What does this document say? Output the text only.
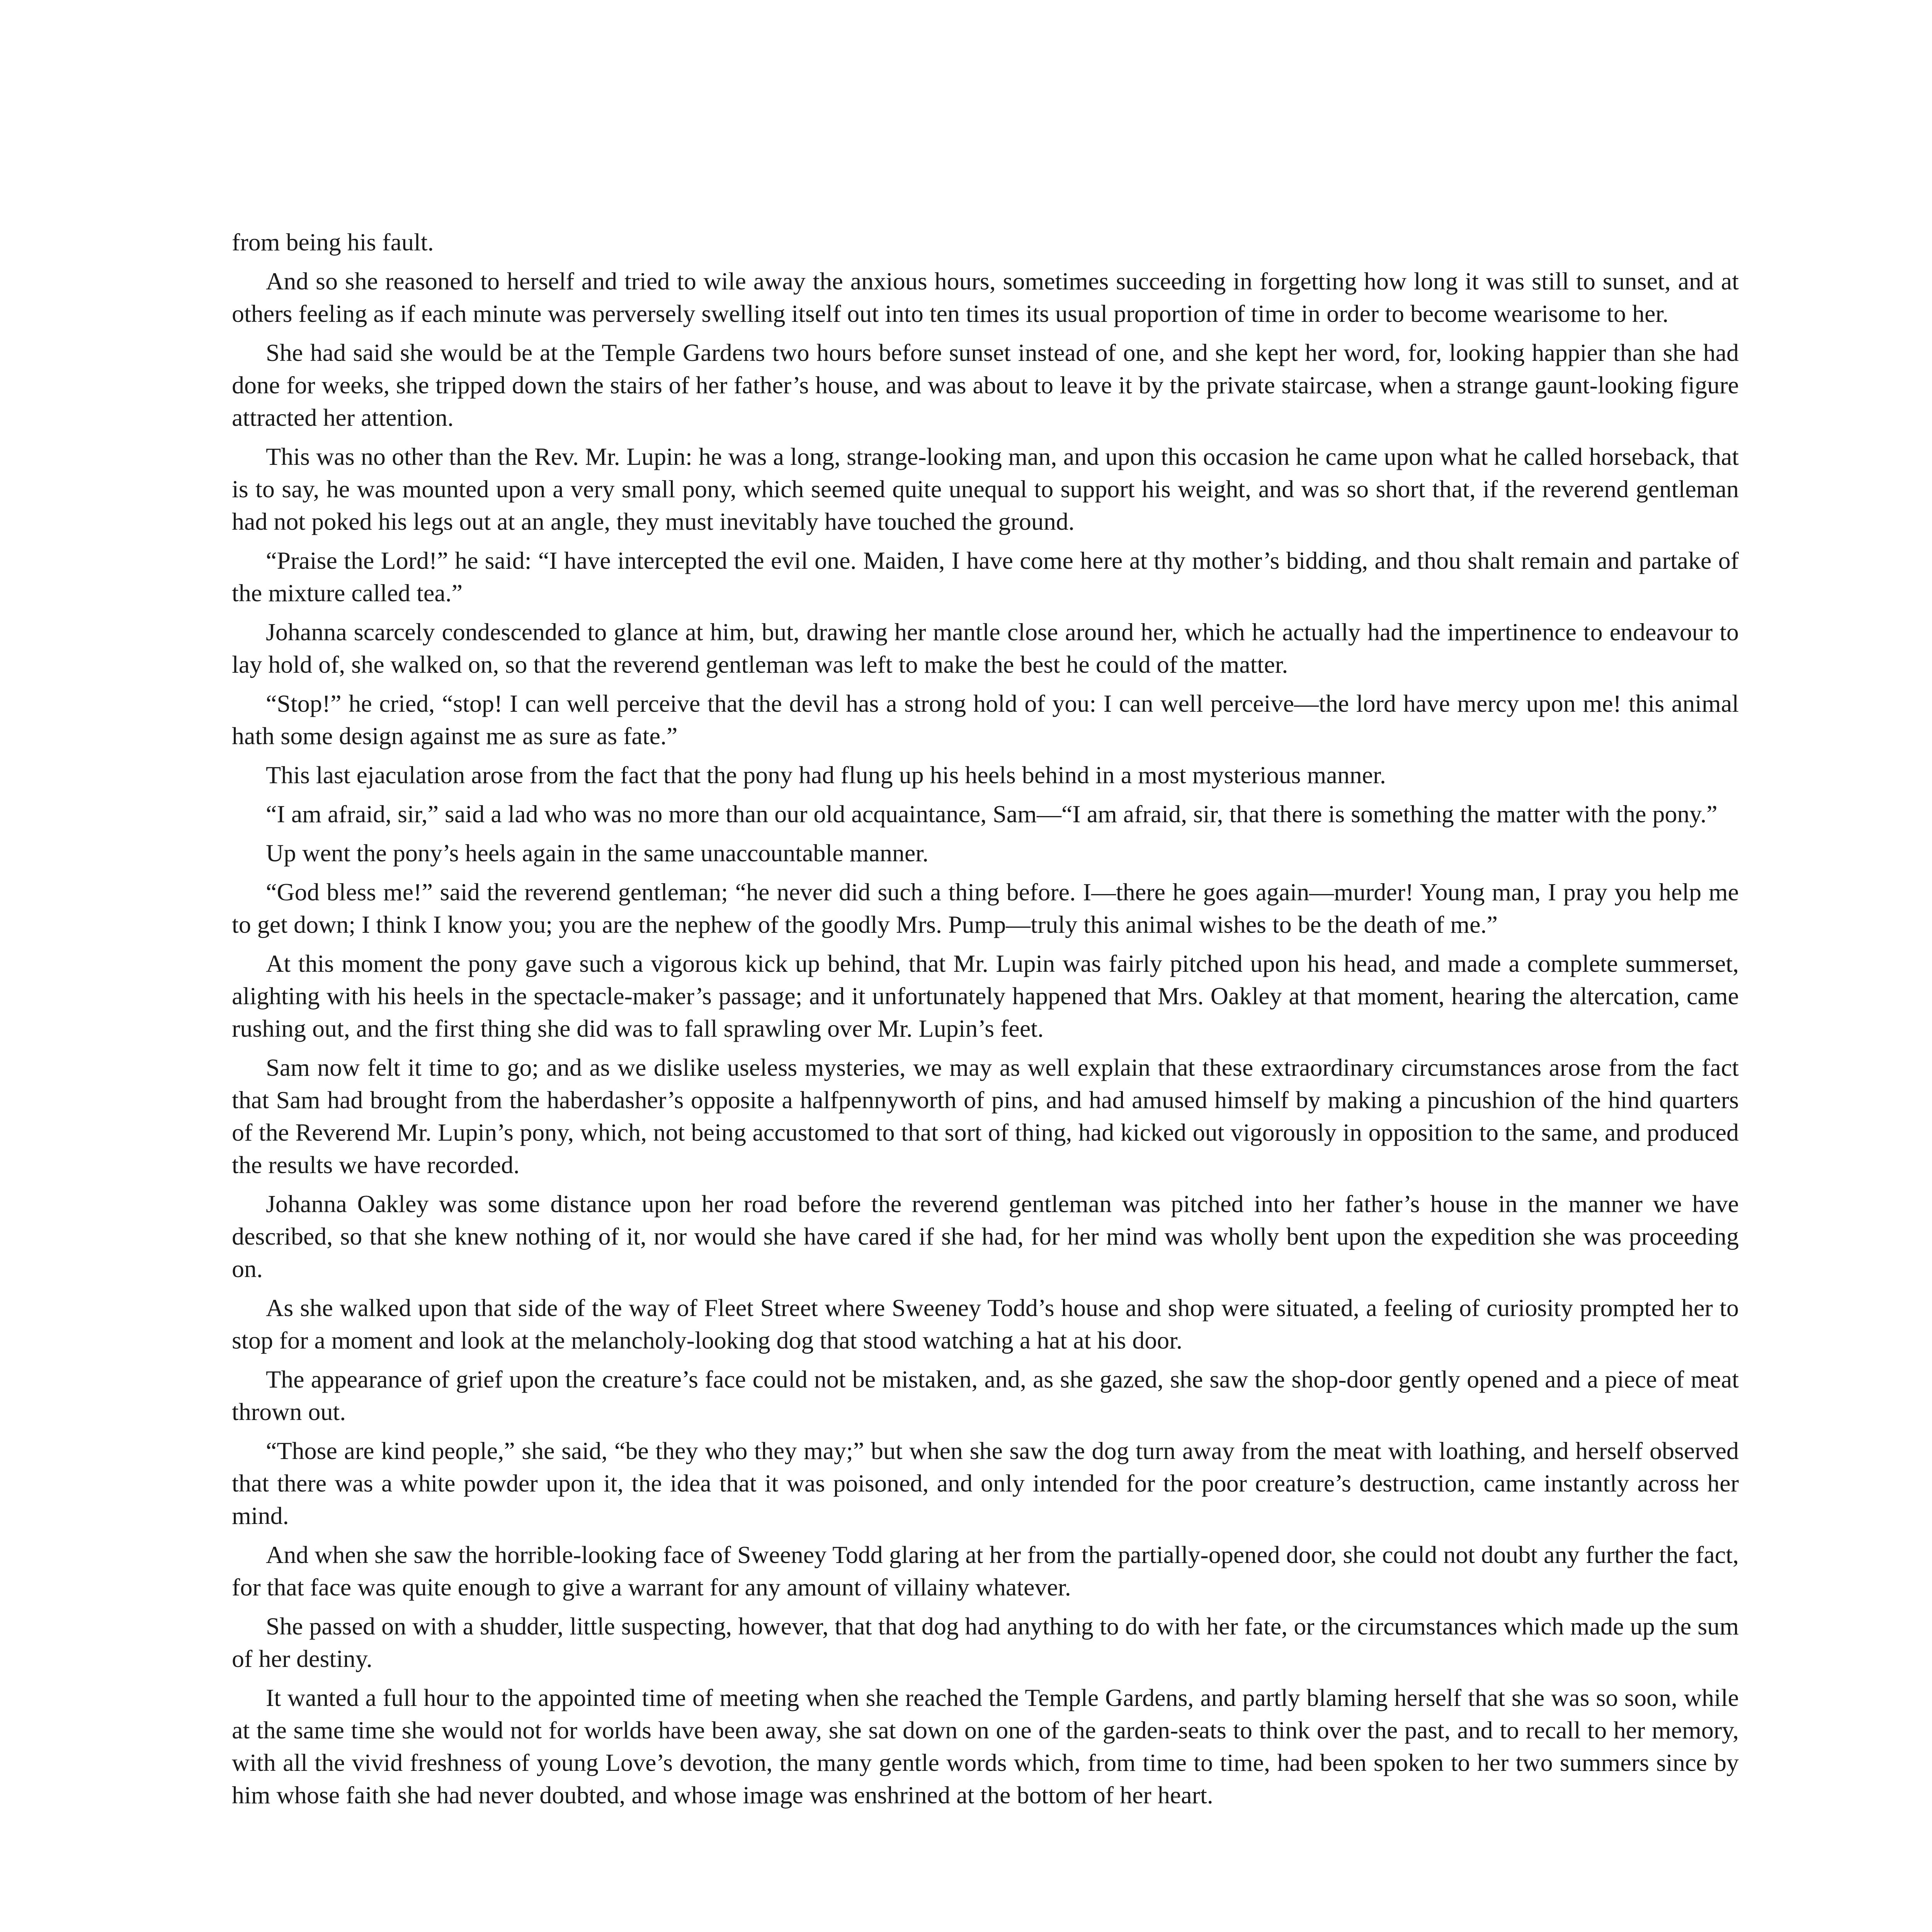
from being his fault.

And so she reasoned to herself and tried to wile away the anxious hours, sometimes succeeding in forgetting how long it was still to sunset, and at others feeling as if each minute was perversely swelling itself out into ten times its usual proportion of time in order to become wearisome to her.

She had said she would be at the Temple Gardens two hours before sunset instead of one, and she kept her word, for, looking happier than she had done for weeks, she tripped down the stairs of her father’s house, and was about to leave it by the private staircase, when a strange gaunt-looking figure attracted her attention.

This was no other than the Rev. Mr. Lupin: he was a long, strange-looking man, and upon this occasion he came upon what he called horseback, that is to say, he was mounted upon a very small pony, which seemed quite unequal to support his weight, and was so short that, if the reverend gentleman had not poked his legs out at an angle, they must inevitably have touched the ground.

“Praise the Lord!” he said: “I have intercepted the evil one. Maiden, I have come here at thy mother’s bidding, and thou shalt remain and partake of the mixture called tea.”

Johanna scarcely condescended to glance at him, but, drawing her mantle close around her, which he actually had the impertinence to endeavour to lay hold of, she walked on, so that the reverend gentleman was left to make the best he could of the matter.

“Stop!” he cried, “stop! I can well perceive that the devil has a strong hold of you: I can well perceive—the lord have mercy upon me! this animal hath some design against me as sure as fate.”

This last ejaculation arose from the fact that the pony had flung up his heels behind in a most mysterious manner.

“I am afraid, sir,” said a lad who was no more than our old acquaintance, Sam—“I am afraid, sir, that there is something the matter with the pony.”

Up went the pony’s heels again in the same unaccountable manner.

“God bless me!” said the reverend gentleman; “he never did such a thing before. I—there he goes again—murder! Young man, I pray you help me to get down; I think I know you; you are the nephew of the goodly Mrs. Pump—truly this animal wishes to be the death of me.”

At this moment the pony gave such a vigorous kick up behind, that Mr. Lupin was fairly pitched upon his head, and made a complete summerset, alighting with his heels in the spectacle-maker’s passage; and it unfortunately happened that Mrs. Oakley at that moment, hearing the altercation, came rushing out, and the first thing she did was to fall sprawling over Mr. Lupin’s feet.

Sam now felt it time to go; and as we dislike useless mysteries, we may as well explain that these extraordinary circumstances arose from the fact that Sam had brought from the haberdasher’s opposite a halfpennyworth of pins, and had amused himself by making a pincushion of the hind quarters of the Reverend Mr. Lupin’s pony, which, not being accustomed to that sort of thing, had kicked out vigorously in opposition to the same, and produced the results we have recorded.

Johanna Oakley was some distance upon her road before the reverend gentleman was pitched into her father’s house in the manner we have described, so that she knew nothing of it, nor would she have cared if she had, for her mind was wholly bent upon the expedition she was proceeding on.

As she walked upon that side of the way of Fleet Street where Sweeney Todd’s house and shop were situated, a feeling of curiosity prompted her to stop for a moment and look at the melancholy-looking dog that stood watching a hat at his door.

The appearance of grief upon the creature’s face could not be mistaken, and, as she gazed, she saw the shop-door gently opened and a piece of meat thrown out.

“Those are kind people,” she said, “be they who they may;” but when she saw the dog turn away from the meat with loathing, and herself observed that there was a white powder upon it, the idea that it was poisoned, and only intended for the poor creature’s destruction, came instantly across her mind.

And when she saw the horrible-looking face of Sweeney Todd glaring at her from the partially-opened door, she could not doubt any further the fact, for that face was quite enough to give a warrant for any amount of villainy whatever.

She passed on with a shudder, little suspecting, however, that that dog had anything to do with her fate, or the circumstances which made up the sum of her destiny.

It wanted a full hour to the appointed time of meeting when she reached the Temple Gardens, and partly blaming herself that she was so soon, while at the same time she would not for worlds have been away, she sat down on one of the garden-seats to think over the past, and to recall to her memory, with all the vivid freshness of young Love’s devotion, the many gentle words which, from time to time, had been spoken to her two summers since by him whose faith she had never doubted, and whose image was enshrined at the bottom of her heart.
